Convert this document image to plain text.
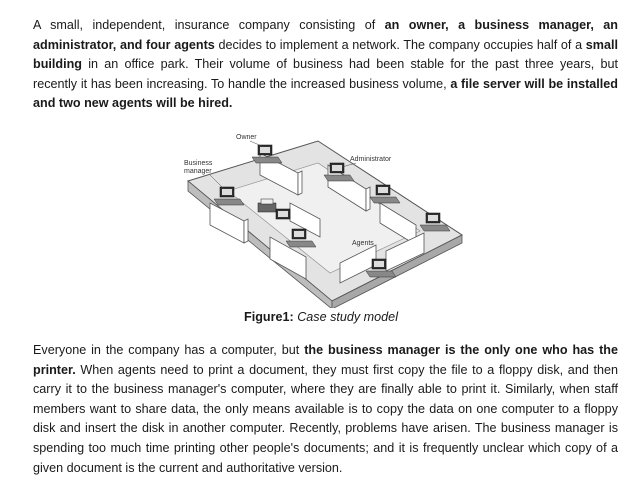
A small, independent, insurance company consisting of an owner, a business manager, an administrator, and four agents decides to implement a network. The company occupies half of a small building in an office park. Their volume of business had been stable for the past three years, but recently it has been increasing. To handle the increased business volume, a file server will be installed and two new agents will be hired.

Owner
Business
manager
Administrator
Agents
Figure1: Case study model

Everyone in the company has a computer, but the business manager is the only one who has the printer. When agents need to print a document, they must first copy the file to a floppy disk, and then carry it to the business manager's computer, where they are finally able to print it. Similarly, when staff members want to share data, the only means available is to copy the data on one computer to a floppy disk and insert the disk in another computer. Recently, problems have arisen. The business manager is spending too much time printing other people's documents; and it is frequently unclear which copy of a given document is the current and authoritative version.
